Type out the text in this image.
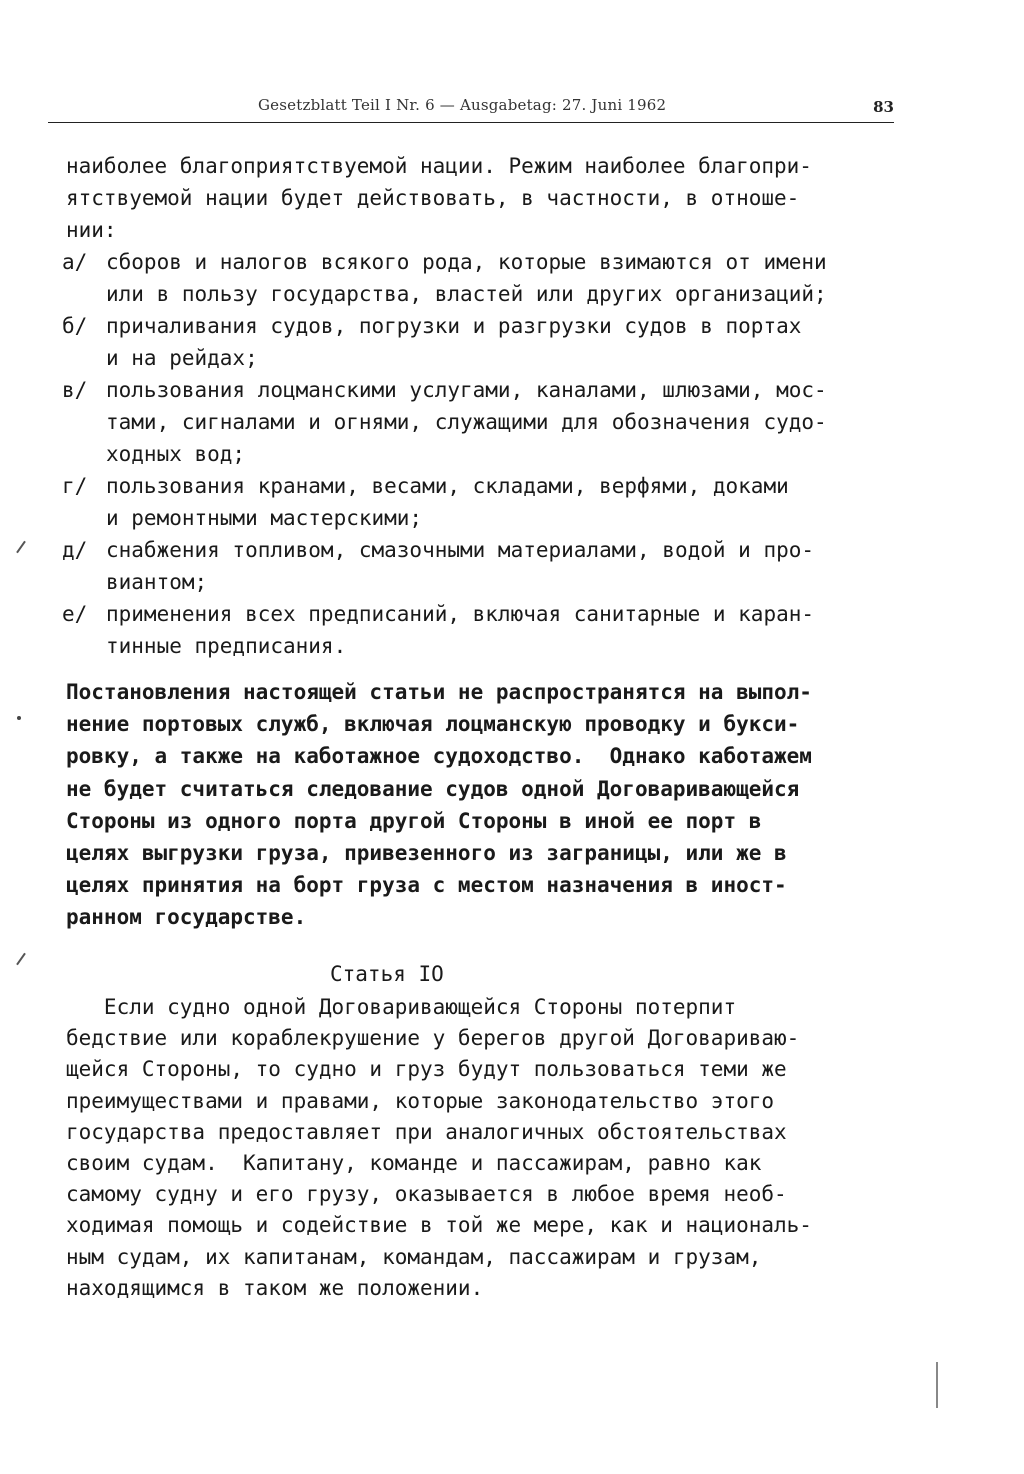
Gesetzblatt Teil I Nr. 6 — Ausgabetag: 27. Juni 1962	83

наиболее благоприятствуемой нации. Режим наиболее благопри-
ятствуемой нации будет действовать, в частности, в отноше-
нии:

а/ сборов и налогов всякого рода, которые взимаются от имени
или в пользу государства, властей или других организаций;
б/ причаливания судов, погрузки и разгрузки судов в портах
и на рейдах;
в/ пользования лоцманскими услугами, каналами, шлюзами, мос-
тами, сигналами и огнями, служащими для обозначения судо-
ходных вод;
г/ пользования кранами, весами, складами, верфями, доками
и ремонтными мастерскими;
д/ снабжения топливом, смазочными материалами, водой и про-
виантом;
е/ применения всех предписаний, включая санитарные и каран-
тинные предписания.

Постановления настоящей статьи не распространятся на выпол-
нение портовых служб, включая лоцманскую проводку и букси-
ровку, а также на каботажное судоходство.  Однако каботажем
не будет считаться следование судов одной Договаривающейся
Стороны из одного порта другой Стороны в иной ее порт в
целях выгрузки груза, привезенного из заграницы, или же в
целях принятия на борт груза с местом назначения в иност-
ранном государстве.

Статья IO

Если судно одной Договаривающейся Стороны потерпит
бедствие или кораблекрушение у берегов другой Договариваю-
щейся Стороны, то судно и груз будут пользоваться теми же
преимуществами и правами, которые законодательство этого
государства предоставляет при аналогичных обстоятельствах
своим судам.  Капитану, команде и пассажирам, равно как
самому судну и его грузу, оказывается в любое время необ-
ходимая помощь и содействие в той же мере, как и националь-
ным судам, их капитанам, командам, пассажирам и грузам,
находящимся в таком же положении.
